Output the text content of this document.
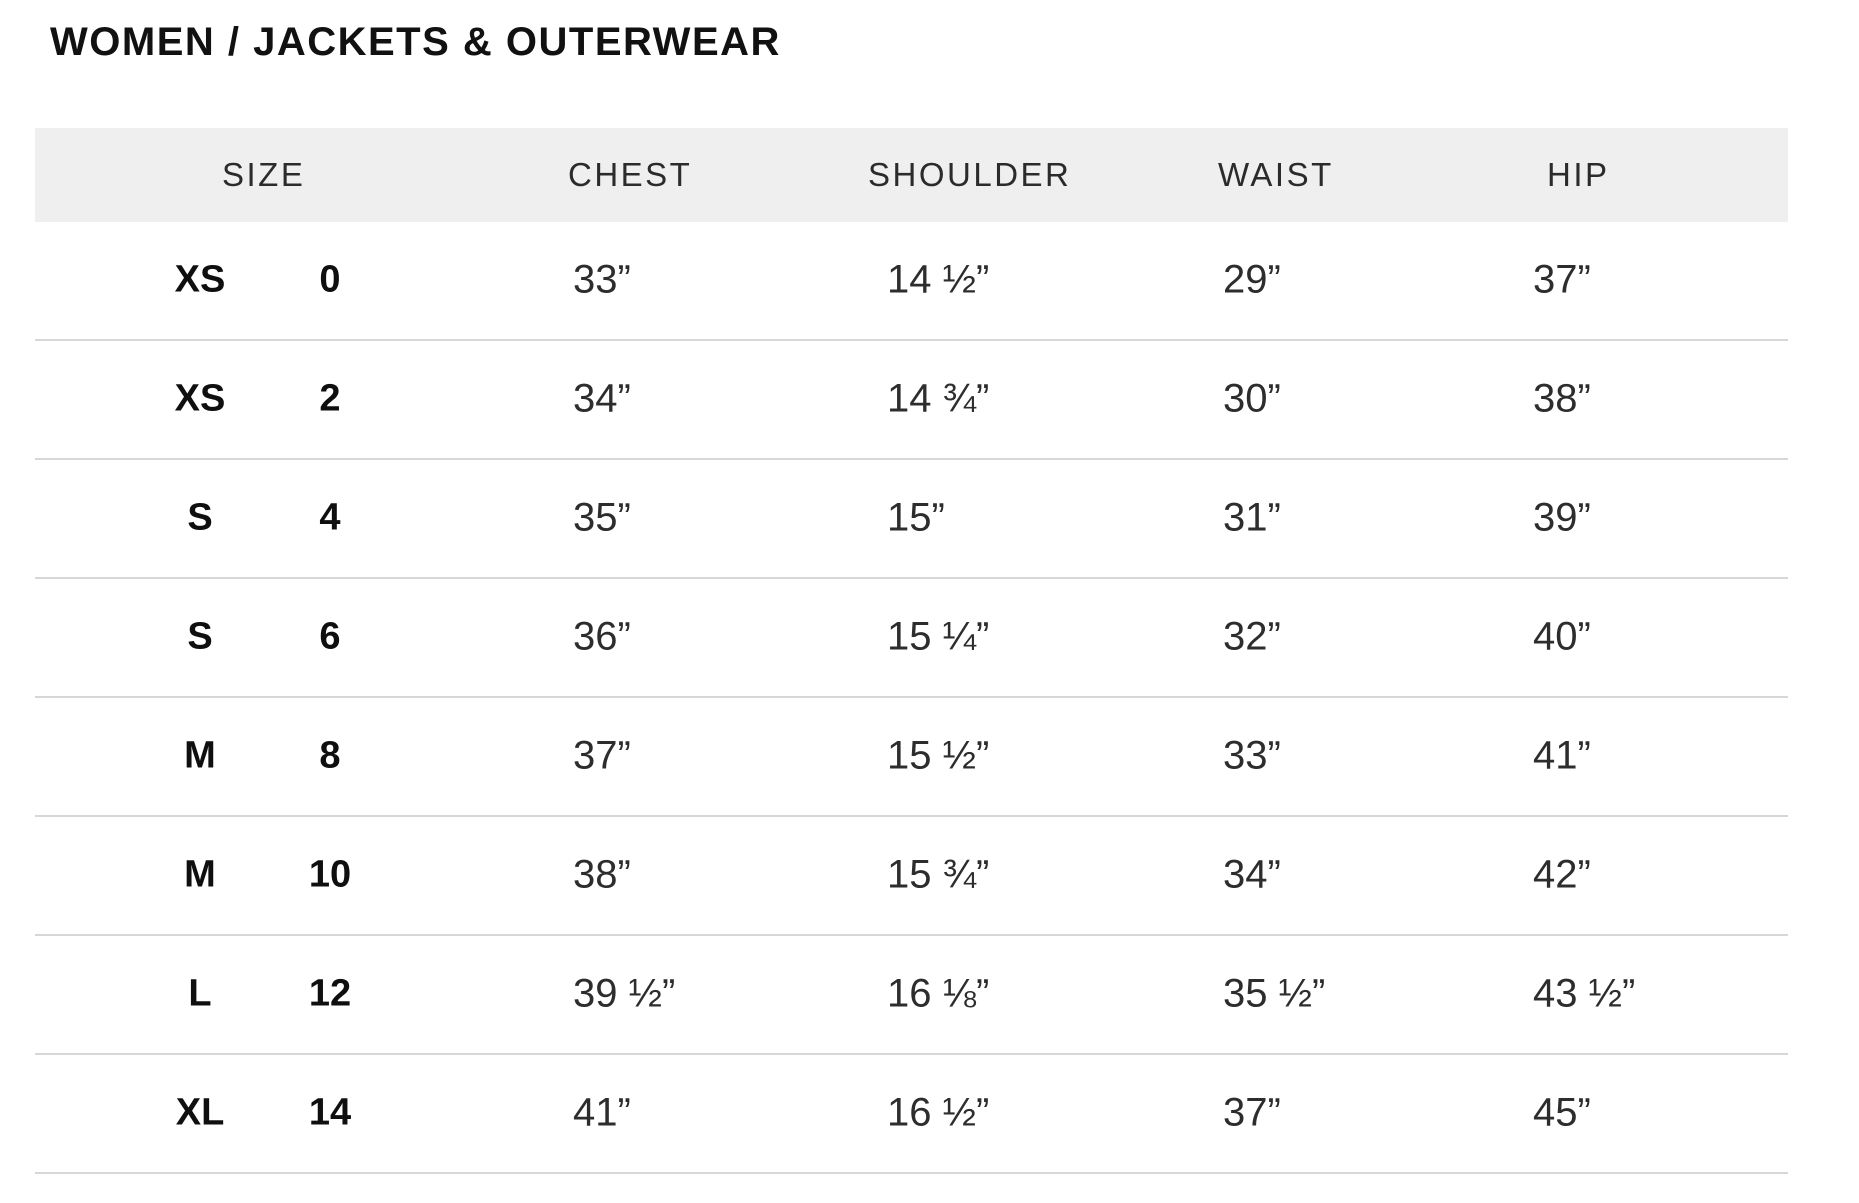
WOMEN / JACKETS & OUTERWEAR
SIZE	CHEST	SHOULDER	WAIST	HIP
XS	0	33”	14 ½”	29”	37”
XS	2	34”	14 ¾”	30”	38”
S	4	35”	15”	31”	39”
S	6	36”	15 ¼”	32”	40”
M	8	37”	15 ½”	33”	41”
M	10	38”	15 ¾”	34”	42”
L	12	39 ½”	16 ⅛”	35 ½”	43 ½”
XL	14	41”	16 ½”	37”	45”
